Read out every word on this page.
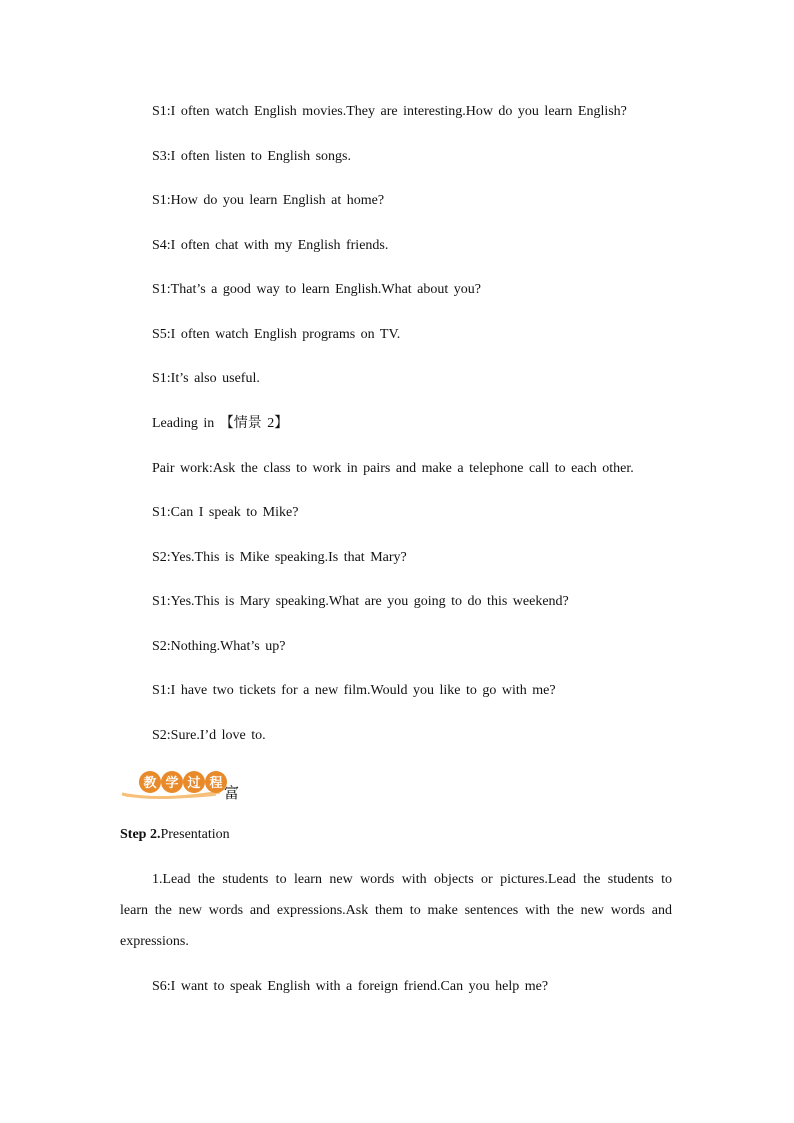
S1:I often watch English movies.They are interesting.How do you learn English?
S3:I often listen to English songs.
S1:How do you learn English at home?
S4:I often chat with my English friends.
S1:That’s a good way to learn English.What about you?
S5:I often watch English programs on TV.
S1:It’s also useful.
Leading in 【情景 2】
Pair work:Ask the class to work in pairs and make a telephone call to each other.
S1:Can I speak to Mike?
S2:Yes.This is Mike speaking.Is that Mary?
S1:Yes.This is Mary speaking.What are you going to do this weekend?
S2:Nothing.What’s up?
S1:I have two tickets for a new film.Would you like to go with me?
S2:Sure.I’d love to.
教 学 过 程
富
Step 2.Presentation
1.Lead the students to learn new words with objects or pictures.Lead the students to learn the new words and expressions.Ask them to make sentences with the new words and expressions.
S6:I want to speak English with a foreign friend.Can you help me?
